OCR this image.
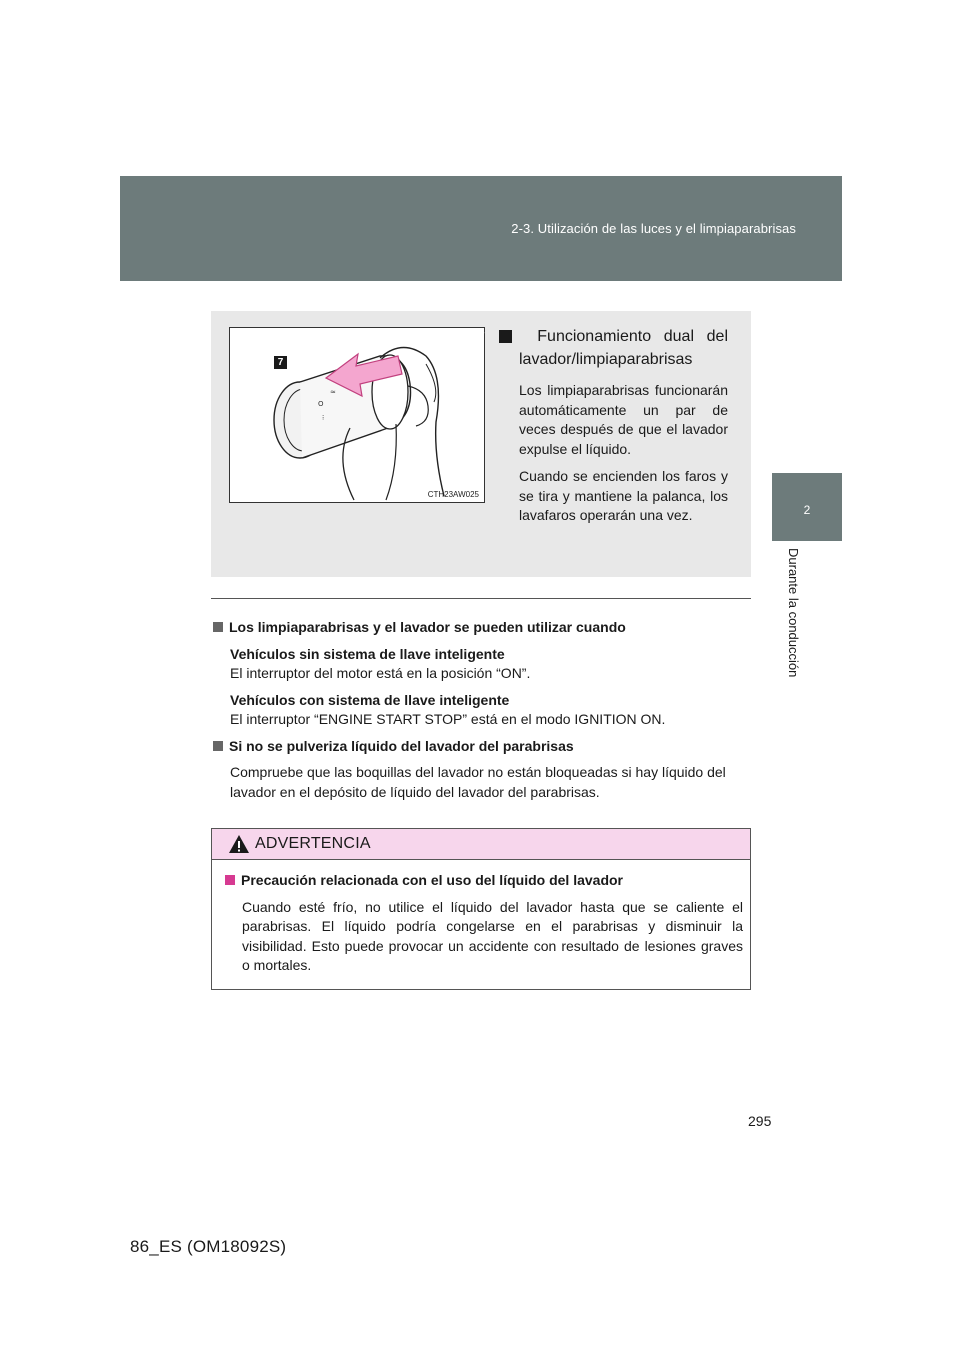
2-3. Utilización de las luces y el limpiaparabrisas
2
Durante la conducción
O
⁝
≈
7
CTH23AW025

7	Funcionamiento dual del lavador/limpiaparabrisas

Los limpiaparabrisas funcionarán automáticamente un par de veces después de que el lavador expulse el líquido.

Cuando se encienden los faros y se tira y mantiene la palanca, los lavafaros operarán una vez.

Los limpiaparabrisas y el lavador se pueden utilizar cuando
Vehículos sin sistema de llave inteligente
El interruptor del motor está en la posición “ON”.
Vehículos con sistema de llave inteligente
El interruptor “ENGINE START STOP” está en el modo IGNITION ON.
Si no se pulveriza líquido del lavador del parabrisas
Compruebe que las boquillas del lavador no están bloqueadas si hay líquido del lavador en el depósito de líquido del lavador del parabrisas.
ADVERTENCIA
Precaución relacionada con el uso del líquido del lavador
Cuando esté frío, no utilice el líquido del lavador hasta que se caliente el parabrisas. El líquido podría congelarse en el parabrisas y disminuir la visibilidad. Esto puede provocar un accidente con resultado de lesiones graves o mortales.
295
86_ES (OM18092S)
